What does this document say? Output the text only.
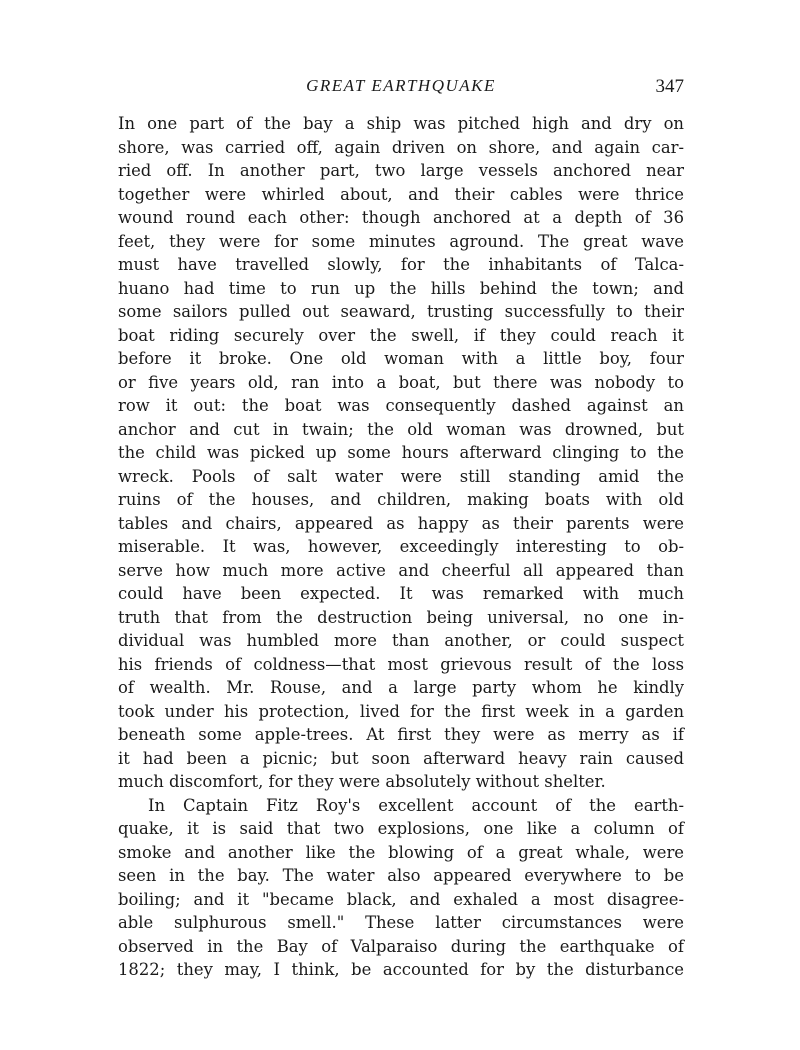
GREAT EARTHQUAKE	347

In one part of the bay a ship was pitched high and dry on
shore, was carried off, again driven on shore, and again car-
ried off. In another part, two large vessels anchored near
together were whirled about, and their cables were thrice
wound round each other: though anchored at a depth of 36
feet, they were for some minutes aground. The great wave
must have travelled slowly, for the inhabitants of Talca-
huano had time to run up the hills behind the town; and
some sailors pulled out seaward, trusting successfully to their
boat riding securely over the swell, if they could reach it
before it broke. One old woman with a little boy, four
or five years old, ran into a boat, but there was nobody to
row it out: the boat was consequently dashed against an
anchor and cut in twain; the old woman was drowned, but
the child was picked up some hours afterward clinging to the
wreck. Pools of salt water were still standing amid the
ruins of the houses, and children, making boats with old
tables and chairs, appeared as happy as their parents were
miserable. It was, however, exceedingly interesting to ob-
serve how much more active and cheerful all appeared than
could have been expected. It was remarked with much
truth that from the destruction being universal, no one in-
dividual was humbled more than another, or could suspect
his friends of coldness—that most grievous result of the loss
of wealth. Mr. Rouse, and a large party whom he kindly
took under his protection, lived for the first week in a garden
beneath some apple-trees. At first they were as merry as if
it had been a picnic; but soon afterward heavy rain caused
much discomfort, for they were absolutely without shelter.

In Captain Fitz Roy's excellent account of the earth-
quake, it is said that two explosions, one like a column of
smoke and another like the blowing of a great whale, were
seen in the bay. The water also appeared everywhere to be
boiling; and it "became black, and exhaled a most disagree-
able sulphurous smell." These latter circumstances were
observed in the Bay of Valparaiso during the earthquake of
1822; they may, I think, be accounted for by the disturbance
